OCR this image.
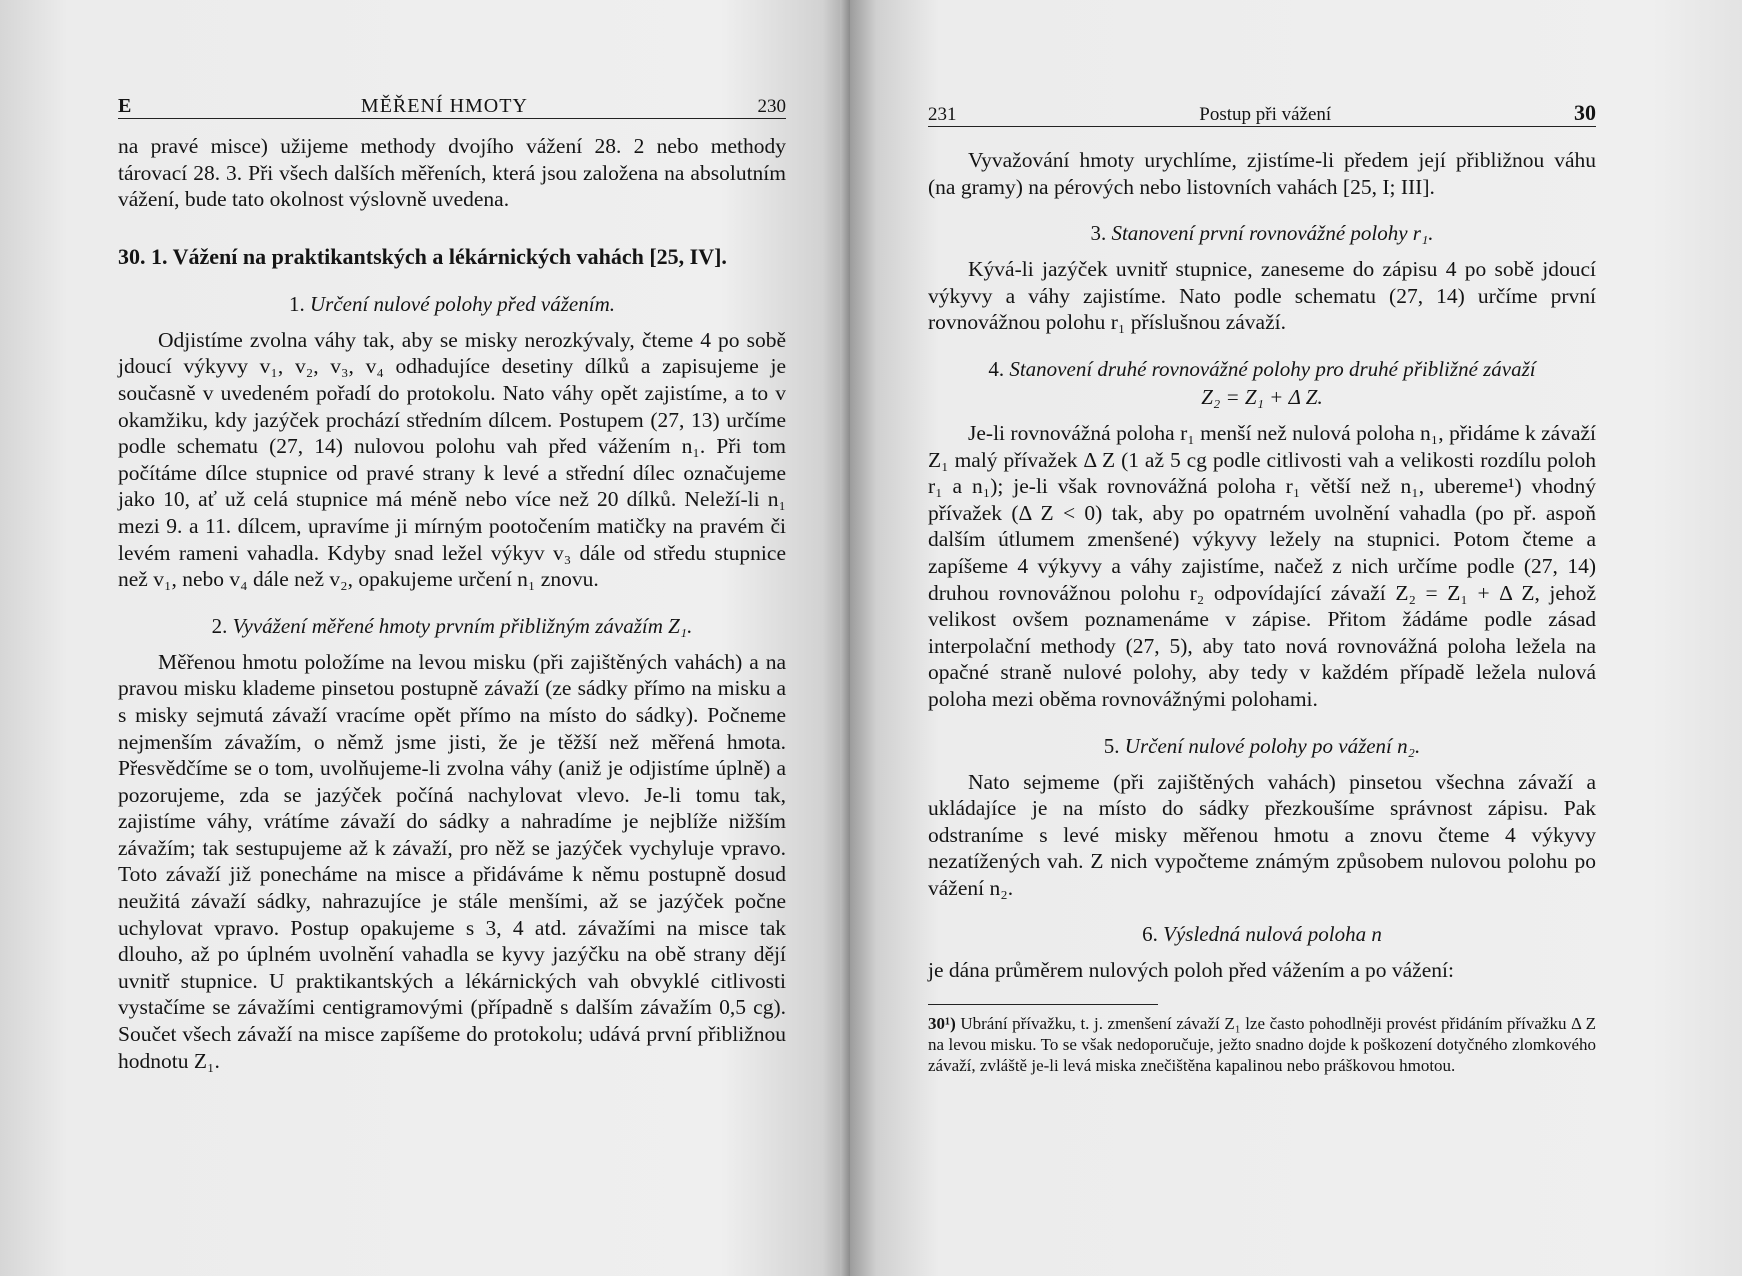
E	MĚŘENÍ HMOTY	230

na pravé misce) užijeme methody dvojího vážení 28. 2 nebo methody tárovací 28. 3. Při všech dalších měřeních, která jsou založena na absolutním vážení, bude tato okolnost výslovně uvedena.

30. 1. Vážení na praktikantských a lékárnických vahách [25, IV].
1. Určení nulové polohy před vážením.

Odjistíme zvolna váhy tak, aby se misky nerozkývaly, čteme 4 po sobě jdoucí výkyvy v₁, v₂, v₃, v₄ odhadujíce desetiny dílků a zapisujeme je současně v uvedeném pořadí do protokolu. Nato váhy opět zajistíme, a to v okamžiku, kdy jazýček prochází středním dílcem. Postupem (27, 13) určíme podle schematu (27, 14) nulovou polohu vah před vážením n₁. Při tom počítáme dílce stupnice od pravé strany k levé a střední dílec označujeme jako 10, ať už celá stupnice má méně nebo více než 20 dílků. Neleží-li n₁ mezi 9. a 11. dílcem, upravíme ji mírným pootočením matičky na pravém či levém rameni vahadla. Kdyby snad ležel výkyv v₃ dále od středu stupnice než v₁, nebo v₄ dále než v₂, opakujeme určení n₁ znovu.

2. Vyvážení měřené hmoty prvním přibližným závažím Z₁.

Měřenou hmotu položíme na levou misku (při zajištěných vahách) a na pravou misku klademe pinsetou postupně závaží (ze sádky přímo na misku a s misky sejmutá závaží vracíme opět přímo na místo do sádky). Počneme nejmenším závažím, o němž jsme jisti, že je těžší než měřená hmota. Přesvědčíme se o tom, uvolňujeme-li zvolna váhy (aniž je odjistíme úplně) a pozorujeme, zda se jazýček počíná nachylovat vlevo. Je-li tomu tak, zajistíme váhy, vrátíme závaží do sádky a nahradíme je nejblíže nižším závažím; tak sestupujeme až k závaží, pro něž se jazýček vychyluje vpravo. Toto závaží již ponecháme na misce a přidáváme k němu postupně dosud neužitá závaží sádky, nahrazujíce je stále menšími, až se jazýček počne uchylovat vpravo. Postup opakujeme s 3, 4 atd. závažími na misce tak dlouho, až po úplném uvolnění vahadla se kyvy jazýčku na obě strany dějí uvnitř stupnice. U praktikantských a lékárnických vah obvyklé citlivosti vystačíme se závažími centigramovými (případně s dalším závažím 0,5 cg). Součet všech závaží na misce zapíšeme do protokolu; udává první přibližnou hodnotu Z₁.

231	Postup při vážení	30

Vyvažování hmoty urychlíme, zjistíme-li předem její přibližnou váhu (na gramy) na pérových nebo listovních vahách [25, I; III].

3. Stanovení první rovnovážné polohy r₁.

Kývá-li jazýček uvnitř stupnice, zaneseme do zápisu 4 po sobě jdoucí výkyvy a váhy zajistíme. Nato podle schematu (27, 14) určíme první rovnovážnou polohu r₁ příslušnou závaží.

4. Stanovení druhé rovnovážné polohy pro druhé přibližné závaží
Z₂ = Z₁ + Δ Z.

Je-li rovnovážná poloha r₁ menší než nulová poloha n₁, přidáme k závaží Z₁ malý přívažek Δ Z (1 až 5 cg podle citlivosti vah a velikosti rozdílu poloh r₁ a n₁); je-li však rovnovážná poloha r₁ větší než n₁, ubereme¹) vhodný přívažek (Δ Z < 0) tak, aby po opatrném uvolnění vahadla (po př. aspoň dalším útlumem zmenšené) výkyvy ležely na stupnici. Potom čteme a zapíšeme 4 výkyvy a váhy zajistíme, načež z nich určíme podle (27, 14) druhou rovnovážnou polohu r₂ odpovídající závaží Z₂ = Z₁ + Δ Z, jehož velikost ovšem poznamenáme v zápise. Přitom žádáme podle zásad interpolační methody (27, 5), aby tato nová rovnovážná poloha ležela na opačné straně nulové polohy, aby tedy v každém případě ležela nulová poloha mezi oběma rovnovážnými polohami.

5. Určení nulové polohy po vážení n₂.

Nato sejmeme (při zajištěných vahách) pinsetou všechna závaží a ukládajíce je na místo do sádky přezkoušíme správnost zápisu. Pak odstraníme s levé misky měřenou hmotu a znovu čteme 4 výkyvy nezatížených vah. Z nich vypočteme známým způsobem nulovou polohu po vážení n₂.

6. Výsledná nulová poloha n

je dána průměrem nulových poloh před vážením a po vážení:

30¹) Ubrání přívažku, t. j. zmenšení závaží Z₁ lze často pohodlněji provést přidáním přívažku Δ Z na levou misku. To se však nedoporučuje, ježto snadno dojde k poškození dotyčného zlomkového závaží, zvláště je-li levá miska znečištěna kapalinou nebo práškovou hmotou.
